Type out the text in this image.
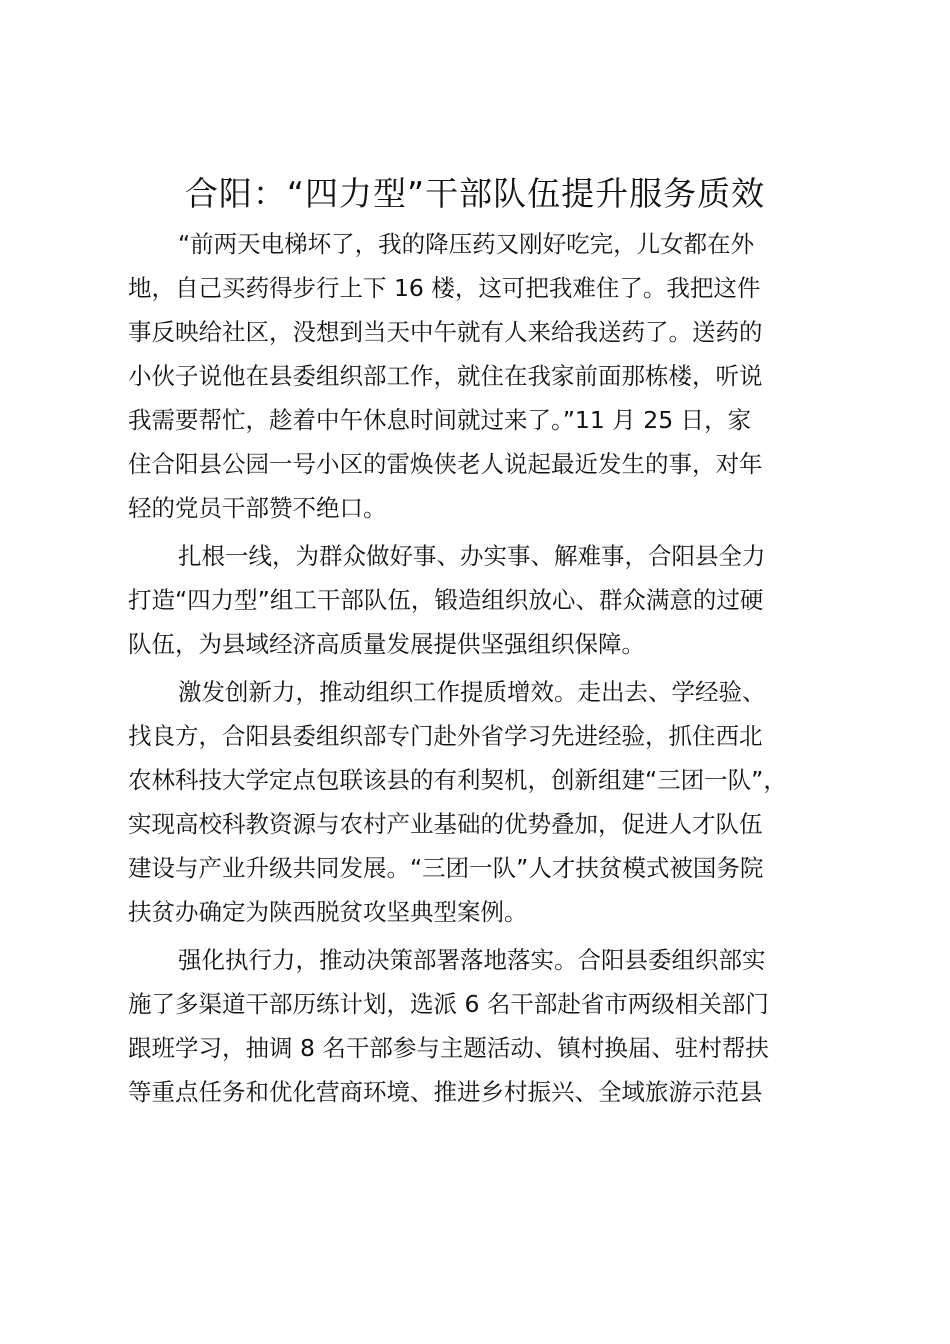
合阳：“四力型”干部队伍提升服务质效

“前两天电梯坏了，我的降压药又刚好吃完，儿女都在外

地，自己买药得步行上下 16 楼，这可把我难住了。我把这件

事反映给社区，没想到当天中午就有人来给我送药了。送药的

小伙子说他在县委组织部工作，就住在我家前面那栋楼，听说

我需要帮忙，趁着中午休息时间就过来了。”11 月 25 日，家

住合阳县公园一号小区的雷焕侠老人说起最近发生的事，对年

轻的党员干部赞不绝口。

扎根一线，为群众做好事、办实事、解难事，合阳县全力

打造“四力型”组工干部队伍，锻造组织放心、群众满意的过硬

队伍，为县域经济高质量发展提供坚强组织保障。

激发创新力，推动组织工作提质增效。走出去、学经验、

找良方，合阳县委组织部专门赴外省学习先进经验，抓住西北

农林科技大学定点包联该县的有利契机，创新组建“三团一队”，

实现高校科教资源与农村产业基础的优势叠加，促进人才队伍

建设与产业升级共同发展。“三团一队”人才扶贫模式被国务院

扶贫办确定为陕西脱贫攻坚典型案例。

强化执行力，推动决策部署落地落实。合阳县委组织部实

施了多渠道干部历练计划，选派 6 名干部赴省市两级相关部门

跟班学习，抽调 8 名干部参与主题活动、镇村换届、驻村帮扶

等重点任务和优化营商环境、推进乡村振兴、全域旅游示范县
